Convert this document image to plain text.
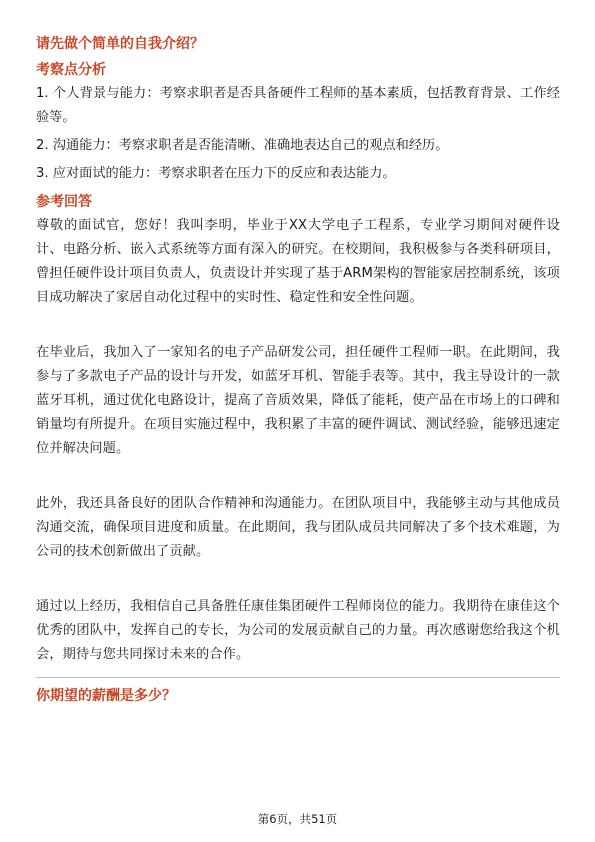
请先做个简单的自我介绍？
考察点分析
1. 个人背景与能力：考察求职者是否具备硬件工程师的基本素质，包括教育背景、工作经验等。
2. 沟通能力：考察求职者是否能清晰、准确地表达自己的观点和经历。
3. 应对面试的能力：考察求职者在压力下的反应和表达能力。
参考回答

尊敬的面试官，您好！我叫李明，毕业于XX大学电子工程系，专业学习期间对硬件设计、电路分析、嵌入式系统等方面有深入的研究。在校期间，我积极参与各类科研项目，曾担任硬件设计项目负责人，负责设计并实现了基于ARM架构的智能家居控制系统，该项目成功解决了家居自动化过程中的实时性、稳定性和安全性问题。

在毕业后，我加入了一家知名的电子产品研发公司，担任硬件工程师一职。在此期间，我参与了多款电子产品的设计与开发，如蓝牙耳机、智能手表等。其中，我主导设计的一款蓝牙耳机，通过优化电路设计，提高了音质效果，降低了能耗，使产品在市场上的口碑和销量均有所提升。在项目实施过程中，我积累了丰富的硬件调试、测试经验，能够迅速定位并解决问题。

此外，我还具备良好的团队合作精神和沟通能力。在团队项目中，我能够主动与其他成员沟通交流，确保项目进度和质量。在此期间，我与团队成员共同解决了多个技术难题，为公司的技术创新做出了贡献。

通过以上经历，我相信自己具备胜任康佳集团硬件工程师岗位的能力。我期待在康佳这个优秀的团队中，发挥自己的专长，为公司的发展贡献自己的力量。再次感谢您给我这个机会，期待与您共同探讨未来的合作。

你期望的薪酬是多少？
第6页，共51页
